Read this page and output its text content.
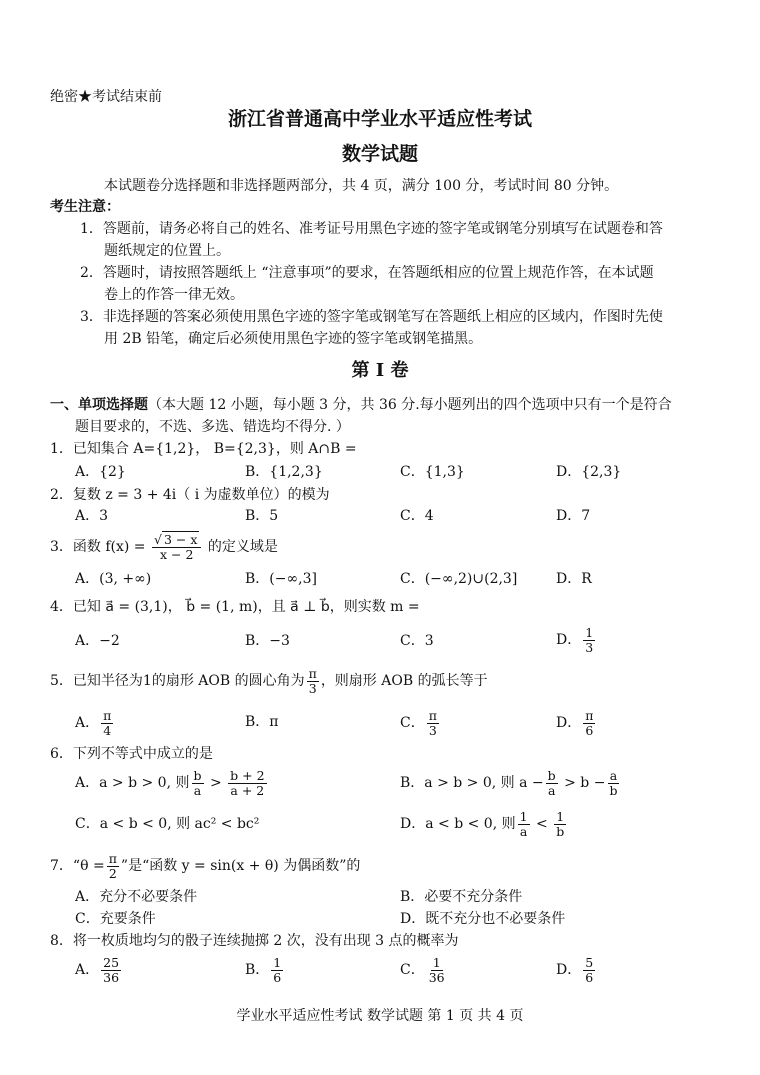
绝密★考试结束前
浙江省普通高中学业水平适应性考试
数学试题
本试题卷分选择题和非选择题两部分，共 4 页，满分 100 分，考试时间 80 分钟。
考生注意：
1．答题前，请务必将自己的姓名、准考证号用黑色字迹的签字笔或钢笔分别填写在试题卷和答
题纸规定的位置上。
2．答题时，请按照答题纸上 “注意事项”的要求，在答题纸相应的位置上规范作答，在本试题
卷上的作答一律无效。
3．非选择题的答案必须使用黑色字迹的签字笔或钢笔写在答题纸上相应的区域内，作图时先使
用 2B 铅笔，确定后必须使用黑色字迹的签字笔或钢笔描黑。
第 I 卷
一、单项选择题（本大题 12 小题，每小题 3 分，共 36 分.每小题列出的四个选项中只有一个是符合
题目要求的，不选、多选、错选均不得分. ）
1．已知集合 A={1,2}， B={2,3}，则 A∩B =
A．{2}	B．{1,2,3}	C．{1,3}	D．{2,3}
2．复数 z = 3 + 4i（ i 为虚数单位）的模为
A．3	B．5	C．4	D．7
3．函数 $f(x) = \frac{√ 3 - x}{x - 2}$ 的定义域是
A．(3, +∞)	B．(−∞,3]	C．(−∞,2)∪(2,3]	D．R
4．已知 a⃗ = (3,1)， b⃗ = (1, m)，且 a⃗ ⊥ b⃗，则实数 m =
A．−2	B．−3	C．3	D． $\frac{1}{3}$
5．已知半径为1的扇形 AOB 的圆心角为 $\frac{\pi}{3}$ ，则扇形 AOB 的弧长等于
A． $\frac{\pi}{4}$	B．π	C． $\frac{\pi}{3}$	D． $\frac{\pi}{6}$
6．下列不等式中成立的是
A．a > b > 0, 则 $\frac{b}{a} > \frac{b + 2}{a + 2}$	B．a > b > 0, 则 $a - \frac{b}{a} > b - \frac{a}{b}$
C．a < b < 0, 则 ac² < bc²	D．a < b < 0, 则 $\frac{1}{a} < \frac{1}{b}$
7．“$\theta = \frac{\pi}{2}$ ”是“函数 y = sin(x + θ) 为偶函数”的
A．充分不必要条件	B．必要不充分条件
C．充要条件	D．既不充分也不必要条件
8．将一枚质地均匀的骰子连续抛掷 2 次，没有出现 3 点的概率为
A． $\frac{25}{36}$	B． $\frac{1}{6}$	C． $\frac{1}{36}$	D． $\frac{5}{6}$
学业水平适应性考试 数学试题 第 1 页 共 4 页
